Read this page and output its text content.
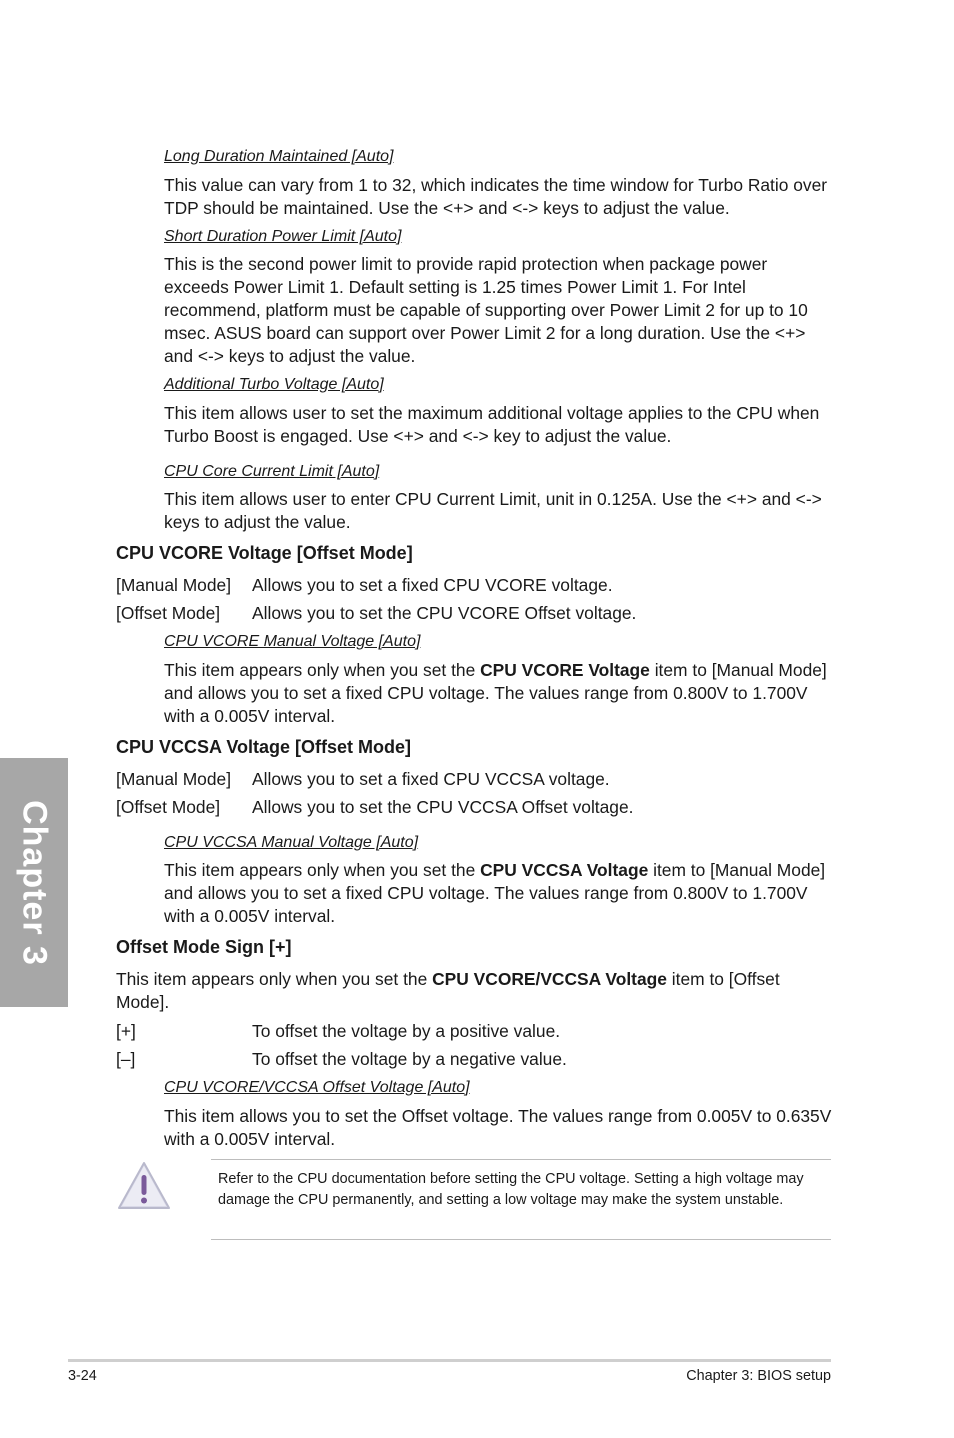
Chapter 3
Long Duration Maintained [Auto]
This value can vary from 1 to 32, which indicates the time window for Turbo Ratio over TDP should be maintained. Use the <+> and <-> keys to adjust the value.
Short Duration Power Limit [Auto]
This is the second power limit to provide rapid protection when package power exceeds Power Limit 1. Default setting is 1.25 times Power Limit 1. For Intel recommend, platform must be capable of supporting over Power Limit 2 for up to 10 msec. ASUS board can support over Power Limit 2 for a long duration. Use the <+> and <-> keys to adjust the value.
Additional Turbo Voltage [Auto]
This item allows user to set the maximum additional voltage applies to the CPU when Turbo Boost is engaged. Use <+> and <-> key to adjust the value.
CPU Core Current Limit [Auto]
This item allows user to enter CPU Current Limit, unit in 0.125A. Use the <+> and <-> keys to adjust the value.
CPU VCORE Voltage [Offset Mode]
[Manual Mode] Allows you to set a fixed CPU VCORE voltage.
[Offset Mode] Allows you to set the CPU VCORE Offset voltage.
CPU VCORE Manual Voltage [Auto]
This item appears only when you set the CPU VCORE Voltage item to [Manual Mode] and allows you to set a fixed CPU voltage. The values range from 0.800V to 1.700V with a 0.005V interval.
CPU VCCSA Voltage [Offset Mode]
[Manual Mode] Allows you to set a fixed CPU VCCSA voltage.
[Offset Mode] Allows you to set the CPU VCCSA Offset voltage.
CPU VCCSA Manual Voltage [Auto]
This item appears only when you set the CPU VCCSA Voltage item to [Manual Mode] and allows you to set a fixed CPU voltage. The values range from 0.800V to 1.700V with a 0.005V interval.
Offset Mode Sign [+]
This item appears only when you set the CPU VCORE/VCCSA Voltage item to [Offset Mode].
[+]	To offset the voltage by a positive value.
[–]	To offset the voltage by a negative value.
CPU VCORE/VCCSA Offset Voltage [Auto]
This item allows you to set the Offset voltage. The values range from 0.005V to 0.635V with a 0.005V interval.
Refer to the CPU documentation before setting the CPU voltage. Setting a high voltage may damage the CPU permanently, and setting a low voltage may make the system unstable.
3-24	Chapter 3: BIOS setup
